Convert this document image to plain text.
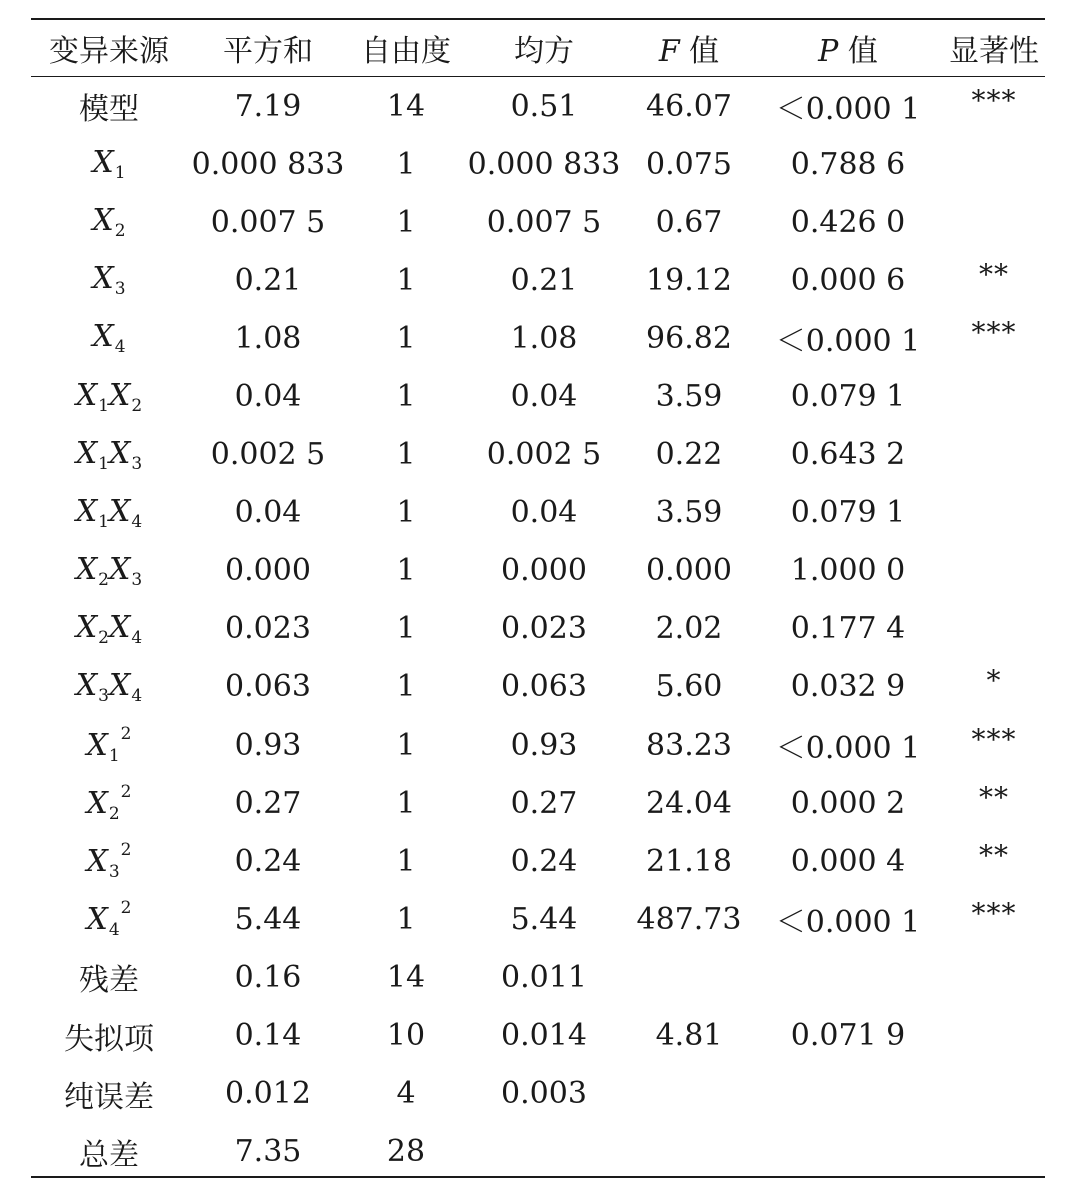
变异来源	平方和	自由度	均方	F 值	P 值	显著性
模型	7.19	14	0.51	46.07	＜0.000 1	***
$X_1$	0.000 833	1	0.000 833	0.075	0.788 6	
$X_2$	0.007 5	1	0.007 5	0.67	0.426 0	
$X_3$	0.21	1	0.21	19.12	0.000 6	**
$X_4$	1.08	1	1.08	96.82	＜0.000 1	***
$X_1X_2$	0.04	1	0.04	3.59	0.079 1	
$X_1X_3$	0.002 5	1	0.002 5	0.22	0.643 2	
$X_1X_4$	0.04	1	0.04	3.59	0.079 1	
$X_2X_3$	0.000	1	0.000	0.000	1.000 0	
$X_2X_4$	0.023	1	0.023	2.02	0.177 4	
$X_3X_4$	0.063	1	0.063	5.60	0.032 9	*
$X_1^2$	0.93	1	0.93	83.23	＜0.000 1	***
$X_2^2$	0.27	1	0.27	24.04	0.000 2	**
$X_3^2$	0.24	1	0.24	21.18	0.000 4	**
$X_4^2$	5.44	1	5.44	487.73	＜0.000 1	***
残差	0.16	14	0.011			
失拟项	0.14	10	0.014	4.81	0.071 9	
纯误差	0.012	4	0.003			
总差	7.35	28				
